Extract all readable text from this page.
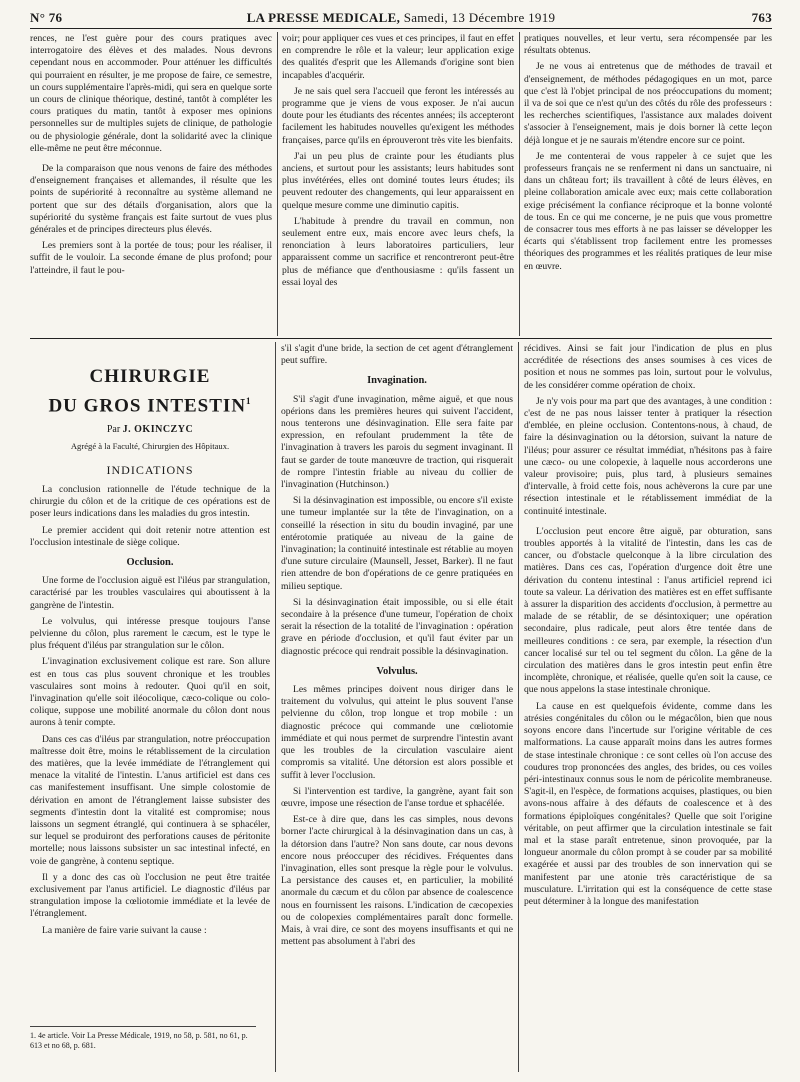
N° 76	LA PRESSE MEDICALE, Samedi, 13 Décembre 1919	763

rences, ne l'est guère pour des cours pratiques avec interrogatoire des élèves et des malades. Nous devrons cependant nous en accommoder. Pour atténuer les difficultés qui pourraient en résulter, je me propose de faire, ce semestre, un cours supplémentaire l'après-midi, qui sera en quelque sorte un cours de clinique théorique, destiné, tantôt à compléter les cours pratiques du matin, tantôt à exposer mes opinions personnelles sur de multiples sujets de clinique, de pathologie ou de physiologie générale, dont la solidarité avec la clinique elle-même ne peut être méconnue.

De la comparaison que nous venons de faire des méthodes d'enseignement françaises et allemandes, il résulte que les points de supériorité à reconnaître au système allemand ne portent que sur des détails d'organisation, alors que la supériorité du système français est faite surtout de vues plus générales et de principes directeurs plus élevés.

Les premiers sont à la portée de tous; pour les réaliser, il suffit de le vouloir. La seconde émane de plus profond; pour l'atteindre, il faut le pou-

voir; pour appliquer ces vues et ces principes, il faut en effet en comprendre le rôle et la valeur; leur application exige des qualités d'esprit que les Allemands d'origine sont bien incapables d'acquérir.

Je ne sais quel sera l'accueil que feront les intéressés au programme que je viens de vous exposer. Je n'ai aucun doute pour les étudiants des récentes années; ils accepteront facilement les habitudes nouvelles qu'exigent les méthodes françaises, parce qu'ils en éprouveront très vite les bienfaits.

J'ai un peu plus de crainte pour les étudiants plus anciens, et surtout pour les assistants; leurs habitudes sont plus invétérées, elles ont dominé toutes leurs études; ils peuvent redouter des changements, qui leur apparaissent en quelque mesure comme une diminutio capitis.

L'habitude à prendre du travail en commun, non seulement entre eux, mais encore avec leurs chefs, la renonciation à leurs laboratoires particuliers, leur apparaissent comme un sacrifice et rencontreront peut-être plus de méfiance que d'enthousiasme : qu'ils fassent un essai loyal des

pratiques nouvelles, et leur vertu, sera récompensée par les résultats obtenus.

Je ne vous ai entretenus que de méthodes de travail et d'enseignement, de méthodes pédagogiques en un mot, parce que c'est là l'objet principal de nos préoccupations du moment; il va de soi que ce n'est qu'un des côtés du rôle des professeurs : les recherches scientifiques, l'assistance aux malades doivent s'associer à l'enseignement, mais je dois borner là cette leçon déjà longue et je ne saurais m'étendre encore sur ce point.

Je me contenterai de vous rappeler à ce sujet que les professeurs français ne se renferment ni dans un sanctuaire, ni dans un château fort; ils travaillent à côté de leurs élèves, en pleine collaboration amicale avec eux; mais cette collaboration exige précisément la confiance réciproque et la bonne volonté de tous. En ce qui me concerne, je ne puis que vous promettre de consacrer tous mes efforts à ne pas laisser se développer les écarts qui s'établissent trop facilement entre les promesses théoriques des programmes et les réalités pratiques de leur mise en œuvre.

CHIRURGIE
DU GROS INTESTIN$^1$
Par J. OKINCZYC
Agrégé à la Faculté, Chirurgien des Hôpitaux.
INDICATIONS

La conclusion rationnelle de l'étude technique de la chirurgie du côlon et de la critique de ces opérations est de poser leurs indications dans les maladies du gros intestin.

Le premier accident qui doit retenir notre attention est l'occlusion intestinale de siège colique.

Occlusion.

Une forme de l'occlusion aiguë est l'iléus par strangulation, caractérisé par les troubles vasculaires qui aboutissent à la gangrène de l'intestin.

Le volvulus, qui intéresse presque toujours l'anse pelvienne du côlon, plus rarement le cæcum, est le type le plus fréquent d'iléus par strangulation sur le côlon.

L'invagination exclusivement colique est rare. Son allure est en tous cas plus souvent chronique et les troubles vasculaires sont moins à redouter. Quoi qu'il en soit, l'invagination qu'elle soit iléocolique, cæco-colique ou colo-colique, suppose une mobilité anormale du côlon dont nous aurons à tenir compte.

Dans ces cas d'iléus par strangulation, notre préoccupation maîtresse doit être, moins le rétablissement de la circulation des matières, que la levée immédiate de l'étranglement qui menace la vitalité de l'intestin. L'anus artificiel est dans ces cas manifestement insuffisant. Une simple colostomie de dérivation en amont de l'étranglement laisse subsister des segments d'intestin dont la vitalité est compromise; nous laissons un segment étranglé, qui continuera à se sphacéler, sur lequel se produiront des perforations causes de péritonite mortelle; nous laissons subsister un sac intestinal infecté, en voie de gangrène, à contenu septique.

Il y a donc des cas où l'occlusion ne peut être traitée exclusivement par l'anus artificiel. Le diagnostic d'iléus par strangulation impose la cœliotomie immédiate et la levée de l'étranglement.

La manière de faire varie suivant la cause :

1. 4e article. Voir La Presse Médicale, 1919, no 58, p. 581, no 61, p. 613 et no 68, p. 681.

s'il s'agit d'une bride, la section de cet agent d'étranglement peut suffire.

Invagination.

S'il s'agit d'une invagination, même aiguë, et que nous opérions dans les premières heures qui suivent l'accident, nous tenterons une désinvagination. Elle sera faite par expression, en refoulant prudemment la tête de l'invagination à travers les parois du segment invaginant. Il faut se garder de toute manœuvre de traction, qui risquerait de rompre l'intestin friable au niveau du collier de l'invagination (Hutchinson.)

Si la désinvagination est impossible, ou encore s'il existe une tumeur implantée sur la tête de l'invagination, on a conseillé la résection in situ du boudin invaginé, par une entérotomie pratiquée au niveau de la gaine de l'invagination; la continuité intestinale est rétablie au moyen d'une suture circulaire (Maunsell, Jesset, Barker). Il ne faut rien attendre de bon d'opérations de ce genre pratiquées en milieu septique.

Si la désinvagination était impossible, ou si elle était secondaire à la présence d'une tumeur, l'opération de choix serait la résection de la totalité de l'invagination : opération grave en période d'occlusion, et qu'il faut éviter par un diagnostic précoce qui rendrait possible la désinvagination.

Volvulus.

Les mêmes principes doivent nous diriger dans le traitement du volvulus, qui atteint le plus souvent l'anse pelvienne du côlon, trop longue et trop mobile : un diagnostic précoce qui commande une cœliotomie immédiate et qui nous permet de surprendre l'intestin avant que les troubles de la circulation vasculaire aient compromis sa vitalité. Une détorsion est alors possible et suffit à lever l'occlusion.

Si l'intervention est tardive, la gangrène, ayant fait son œuvre, impose une résection de l'anse tordue et sphacélée.

Est-ce à dire que, dans les cas simples, nous devons borner l'acte chirurgical à la désinvagination dans un cas, à la détorsion dans l'autre? Non sans doute, car nous devons encore nous préoccuper des récidives. Fréquentes dans l'invagination, elles sont presque la règle pour le volvulus. La persistance des causes et, en particulier, la mobilité anormale du cæcum et du côlon par absence de coalescence nous en fournissent les raisons. L'indication de cæcopexies ou de colopexies complémentaires paraît donc formelle. Mais, à vrai dire, ce sont des moyens insuffisants et qui ne mettent pas absolument à l'abri des

récidives. Ainsi se fait jour l'indication de plus en plus accréditée de résections des anses soumises à ces vices de position et nous ne sommes pas loin, surtout pour le volvulus, de les considérer comme opération de choix.

Je n'y vois pour ma part que des avantages, à une condition : c'est de ne pas nous laisser tenter à pratiquer la résection d'emblée, en pleine occlusion. Contentons-nous, à chaud, de faire la désinvagination ou la détorsion, suivant la nature de l'iléus; pour assurer ce résultat immédiat, n'hésitons pas à faire une cæco- ou une colopexie, à laquelle nous accorderons une valeur provisoire; puis, plus tard, à plusieurs semaines d'intervalle, à froid cette fois, nous achèverons la cure par une résection intestinale et le rétablissement immédiat de la continuité intestinale.

L'occlusion peut encore être aiguë, par obturation, sans troubles apportés à la vitalité de l'intestin, dans les cas de cancer, ou d'obstacle quelconque à la libre circulation des matières. Dans ces cas, l'opération d'urgence doit être une dérivation du contenu intestinal : l'anus artificiel reprend ici toute sa valeur. La dérivation des matières est en effet suffisante à assurer la disparition des accidents d'occlusion, à permettre au malade de se rétablir, de se désintoxiquer; une opération secondaire, plus radicale, peut alors être tentée dans de meilleures conditions : ce sera, par exemple, la résection d'un cancer localisé sur tel ou tel segment du côlon. La gêne de la circulation des matières dans le gros intestin peut enfin être incomplète, chronique, et réalisée, quelle qu'en soit la cause, ce que nous appelons la stase intestinale chronique.

La cause en est quelquefois évidente, comme dans les atrésies congénitales du côlon ou le mégacôlon, bien que nous soyons encore dans l'incertude sur l'origine véritable de ces malformations. La cause apparaît moins dans les autres formes de stase intestinale chronique : ce sont celles où l'on accuse des coudures trop prononcées des angles, des brides, ou ces voiles péri-intestinaux connus sous le nom de péricolite membraneuse. S'agit-il, en l'espèce, de formations acquises, plastiques, ou bien avons-nous affaire à des défauts de coalescence et à des formations épiploïques congénitales? Quelle que soit l'origine véritable, on peut affirmer que la circulation intestinale se fait mal et la stase paraît entretenue, sinon provoquée, par la longueur anormale du côlon prompt à se couder par sa mobilité exagérée et aussi par des troubles de son innervation qui se manifestent par une atonie très caractéristique de sa musculature. L'irritation qui est la conséquence de cette stase peut déterminer à la longue des manifestation
